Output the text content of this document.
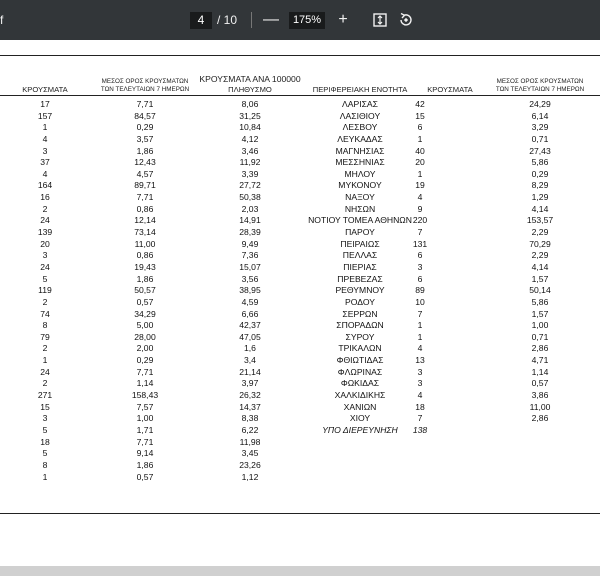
f	4	/ 10 —	175% +
ΚΡΟΥΣΜΑΤΑ
ΜΕΣΟΣ ΟΡΟΣ ΚΡΟΥΣΜΑΤΩΝ
ΤΩΝ ΤΕΛΕΥΤΑΙΩΝ 7 ΗΜΕΡΩΝ
ΚΡΟΥΣΜΑΤΑ ΑΝΑ 100000
ΠΛΗΘΥΣΜΟ	ΠΕΡΙΦΕΡΕΙΑΚΗ ΕΝΟΤΗΤΑ	ΚΡΟΥΣΜΑΤΑ
ΜΕΣΟΣ ΟΡΟΣ ΚΡΟΥΣΜΑΤΩΝ
ΤΩΝ ΤΕΛΕΥΤΑΙΩΝ 7 ΗΜΕΡΩΝ
17	7,71	8,06	ΛΑΡΙΣΑΣ	42	24,29
157	84,57	31,25	ΛΑΣΙΘΙΟΥ	15	6,14
1	0,29	10,84	ΛΕΣΒΟΥ	6	3,29
4	3,57	4,12	ΛΕΥΚΑΔΑΣ	1	0,71
3	1,86	3,46	ΜΑΓΝΗΣΙΑΣ	40	27,43
37	12,43	11,92	ΜΕΣΣΗΝΙΑΣ	20	5,86
4	4,57	3,39	ΜΗΛΟΥ	1	0,29
164	89,71	27,72	ΜΥΚΟΝΟΥ	19	8,29
16	7,71	50,38	ΝΑΞΟΥ	4	1,29
2	0,86	2,03	ΝΗΣΩΝ	9	4,14
24	12,14	14,91	ΝΟΤΙΟΥ ΤΟΜΕΑ ΑΘΗΝΩΝ 220	153,57
139	73,14	28,39	ΠΑΡΟΥ	7	2,29
20	11,00	9,49	ΠΕΙΡΑΙΩΣ	131	70,29
3	0,86	7,36	ΠΕΛΛΑΣ	6	2,29
24	19,43	15,07	ΠΙΕΡΙΑΣ	3	4,14
5	1,86	3,56	ΠΡΕΒΕΖΑΣ	6	1,57
119	50,57	38,95	ΡΕΘΥΜΝΟΥ	89	50,14
2	0,57	4,59	ΡΟΔΟΥ	10	5,86
74	34,29	6,66	ΣΕΡΡΩΝ	7	1,57
8	5,00	42,37	ΣΠΟΡΑΔΩΝ	1	1,00
79	28,00	47,05	ΣΥΡΟΥ	1	0,71
2	2,00	1,6	ΤΡΙΚΑΛΩΝ	4	2,86
1	0,29	3,4	ΦΘΙΩΤΙΔΑΣ	13	4,71
24	7,71	21,14	ΦΛΩΡΙΝΑΣ	3	1,14
2	1,14	3,97	ΦΩΚΙΔΑΣ	3	0,57
271	158,43	26,32	ΧΑΛΚΙΔΙΚΗΣ	4	3,86
15	7,57	14,37	ΧΑΝΙΩΝ	18	11,00
3	1,00	8,38	ΧΙΟΥ	7	2,86
5	1,71	6,22	ΥΠΟ ΔΙΕΡΕΥΝΗΣΗ	138
18	7,71	11,98
5	9,14	3,45
8	1,86	23,26
1	0,57	1,12
